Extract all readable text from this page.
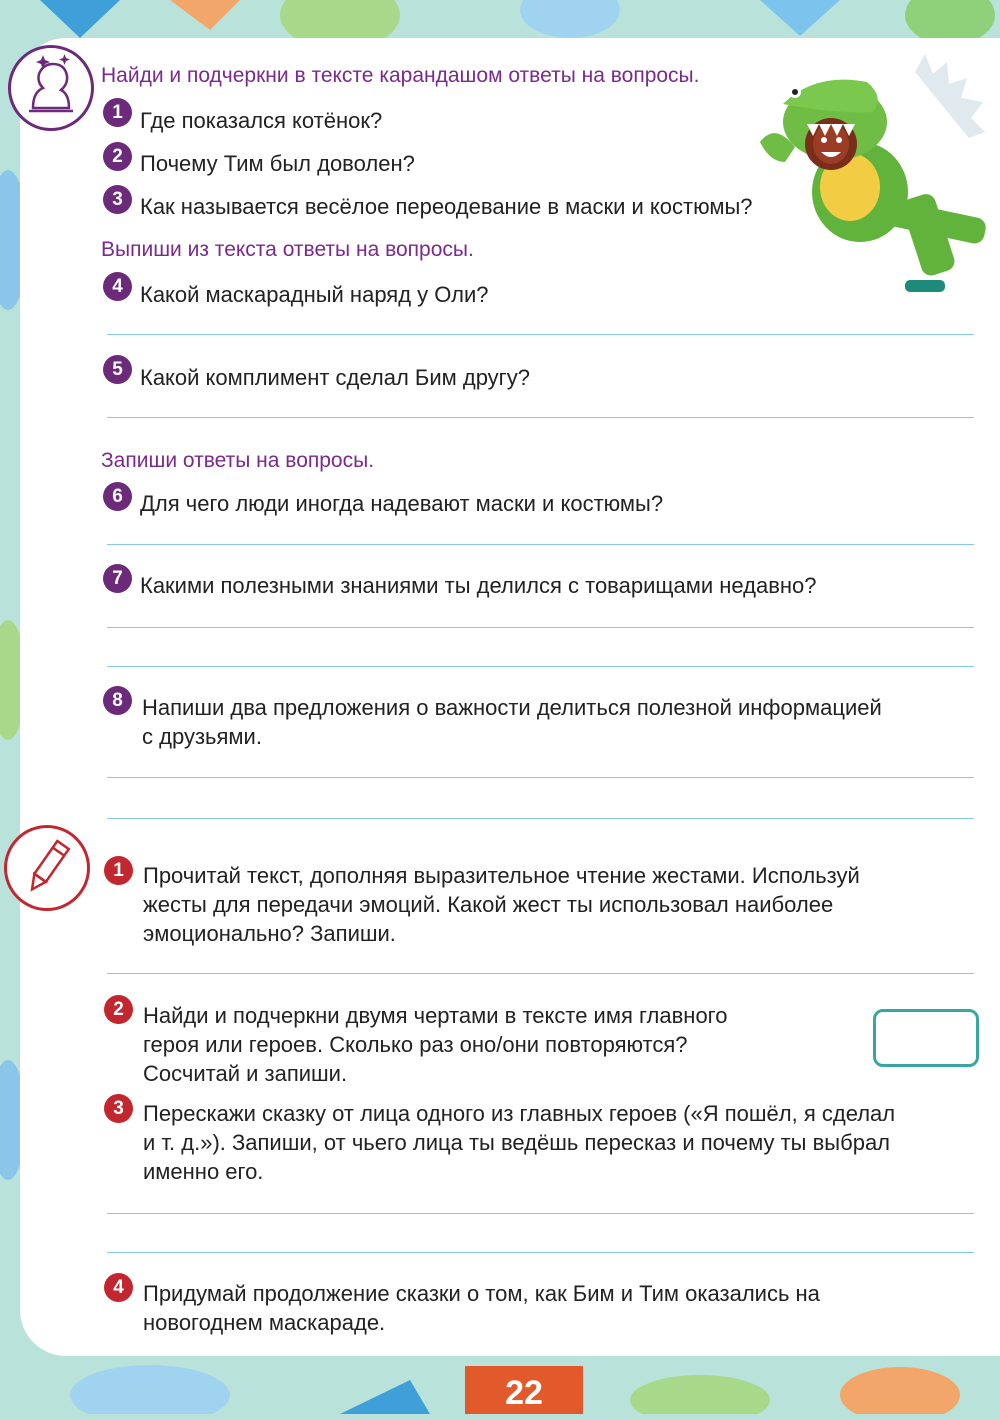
Найди и подчеркни в тексте карандашом ответы на вопросы.
1 Где показался котёнок?
2 Почему Тим был доволен?
3 Как называется весёлое переодевание в маски и костюмы?
Выпиши из текста ответы на вопросы.
4 Какой маскарадный наряд у Оли?
5 Какой комплимент сделал Бим другу?
Запиши ответы на вопросы.
6 Для чего люди иногда надевают маски и костюмы?
7 Какими полезными знаниями ты делился с товарищами недавно?
8 Напиши два предложения о важности делиться полезной информацией
с друзьями.
1 Прочитай текст, дополняя выразительное чтение жестами. Используй
жесты для передачи эмоций. Какой жест ты использовал наиболее
эмоционально? Запиши.
2 Найди и подчеркни двумя чертами в тексте имя главного
героя или героев. Сколько раз оно/они повторяются?
Сосчитай и запиши.
3 Перескажи сказку от лица одного из главных героев («Я пошёл, я сделал
и т. д.»). Запиши, от чьего лица ты ведёшь пересказ и почему ты выбрал
именно его.
4 Придумай продолжение сказки о том, как Бим и Тим оказались на
новогоднем маскараде.
22
